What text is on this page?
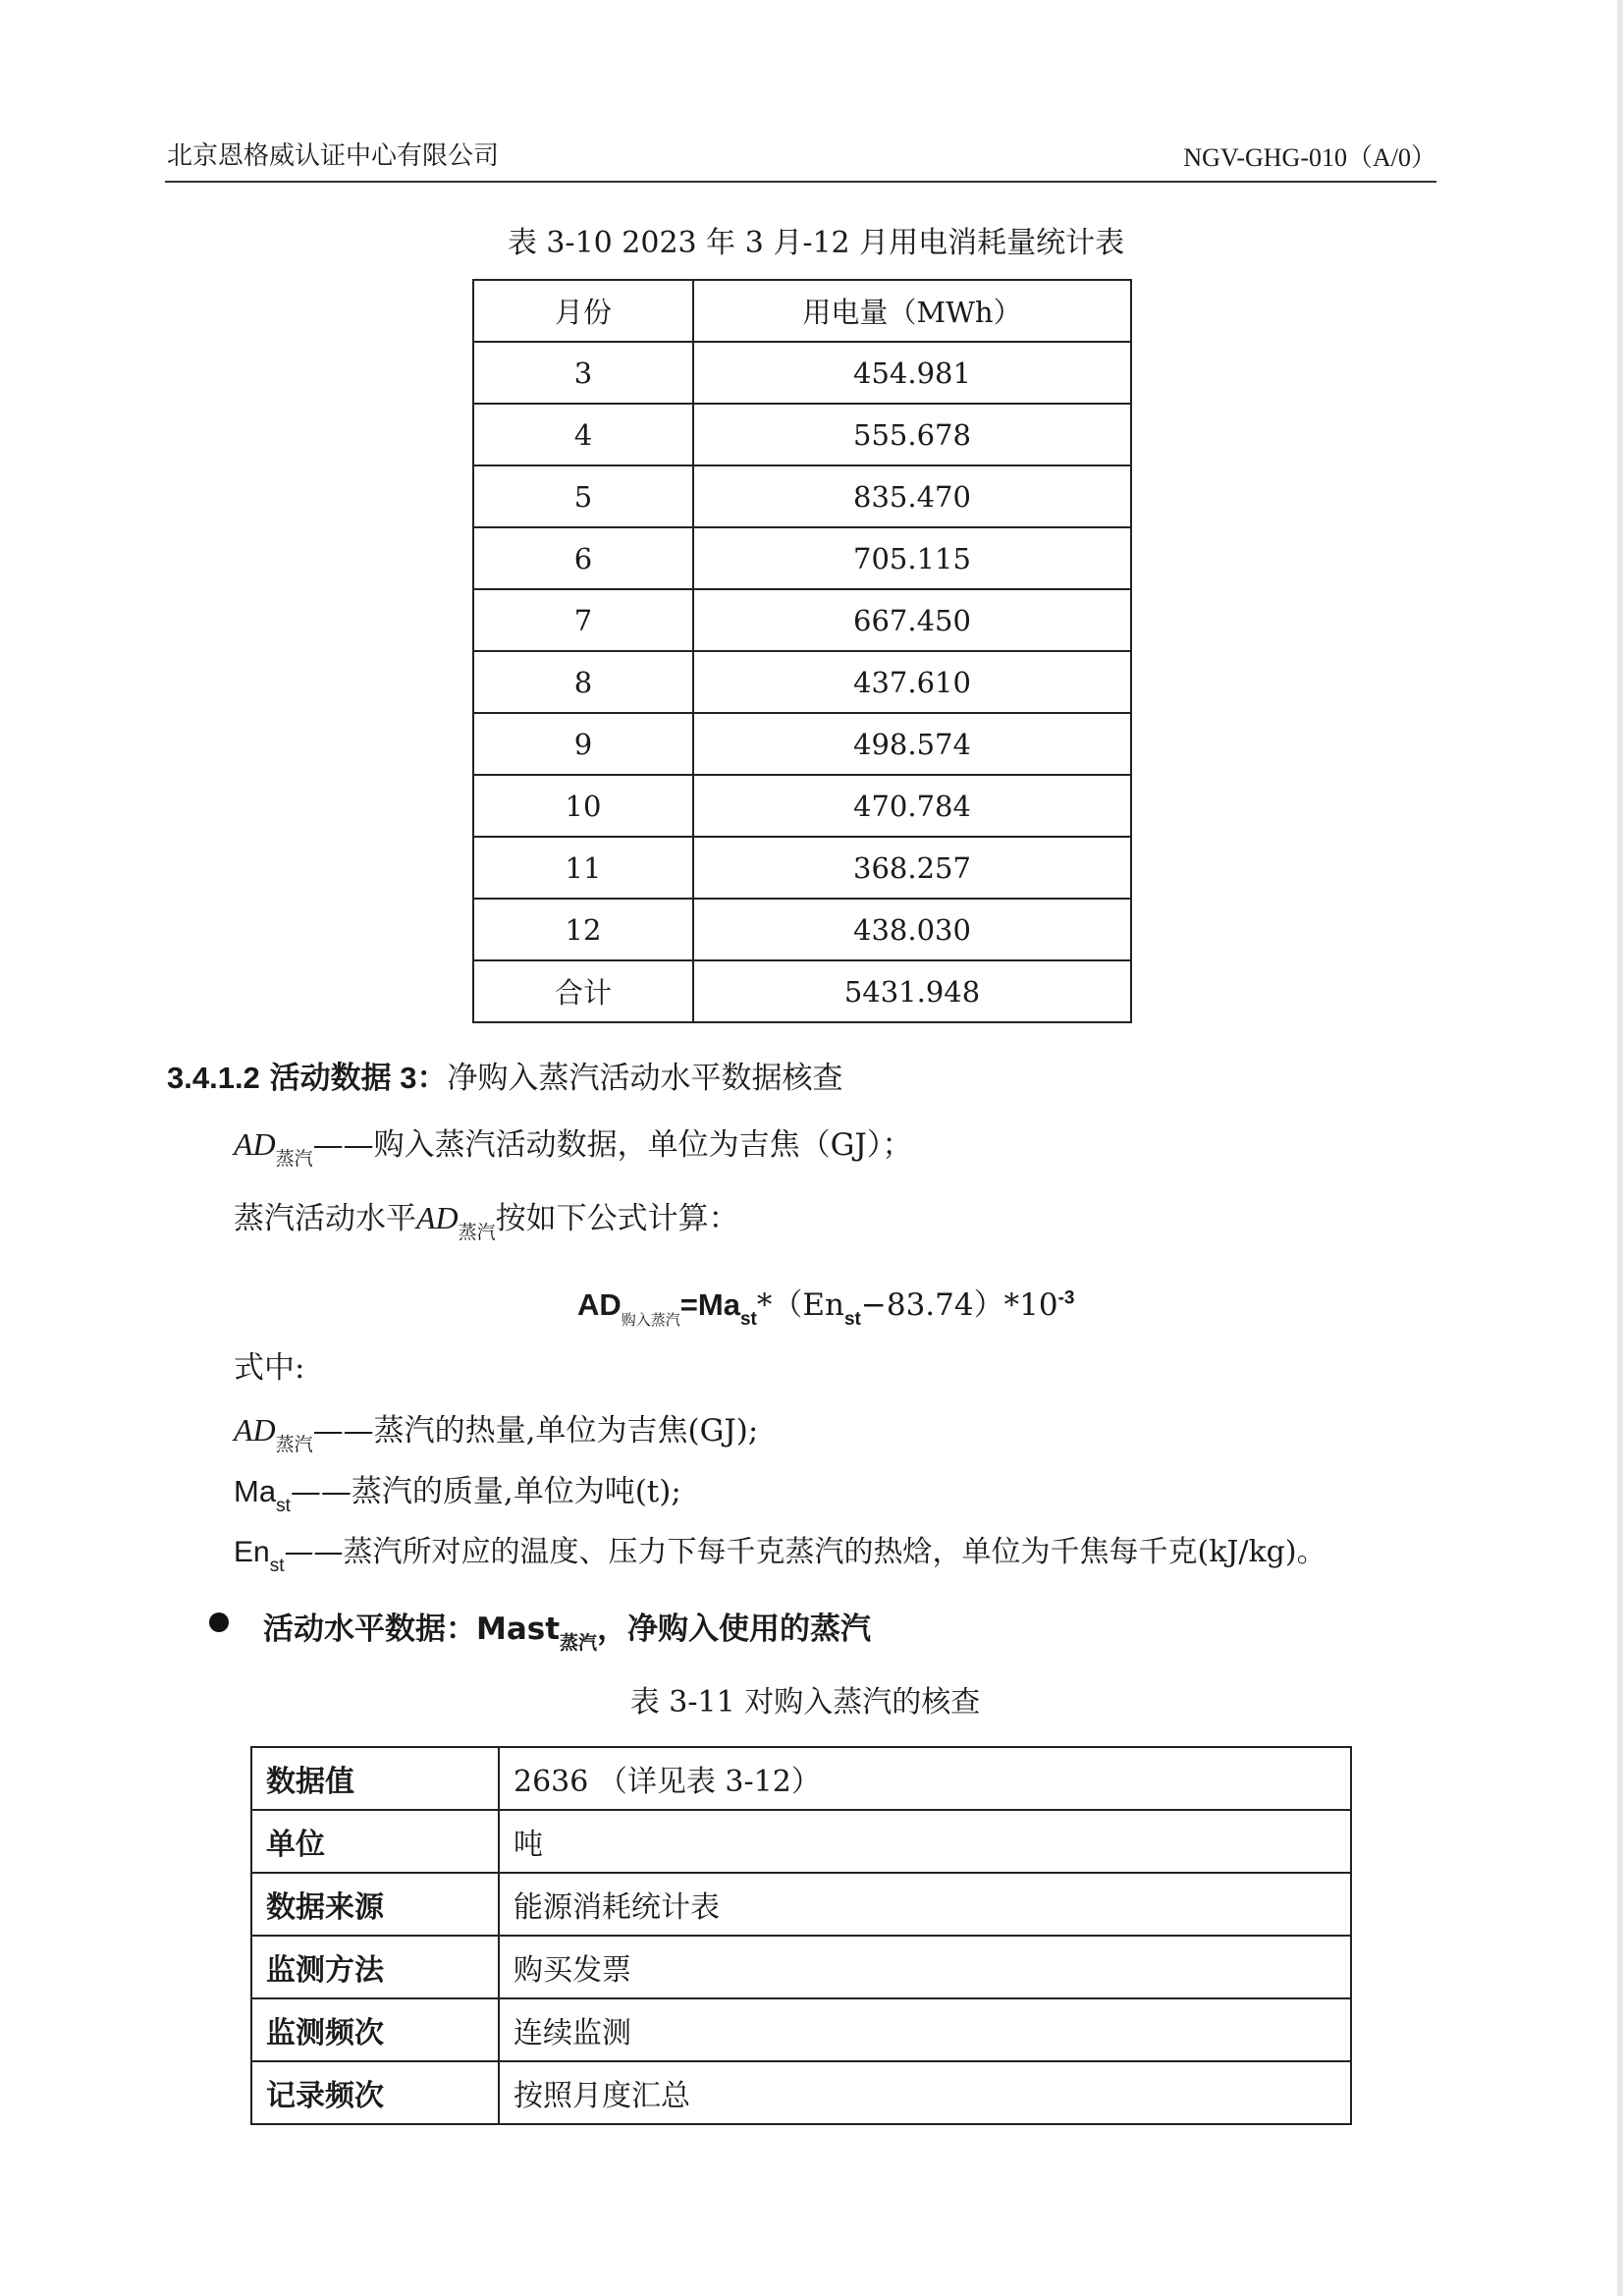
北京恩格威认证中心有限公司	NGV-GHG-010（A/0）
表 3-10 2023 年 3 月-12 月用电消耗量统计表
月份	用电量（MWh）
3	454.981
4	555.678
5	835.470
6	705.115
7	667.450
8	437.610
9	498.574
10	470.784
11	368.257
12	438.030
合计	5431.948
3.4.1.2 活动数据 3：净购入蒸汽活动水平数据核查
$AD_{蒸汽}——$购入蒸汽活动数据，单位为吉焦（GJ）；
蒸汽活动水平$AD_{蒸汽}$按如下公式计算：
$AD_{购入蒸汽}=Ma_{st}*(En_{st}-83.74)*10^{-3}$
式中:
$AD_{蒸汽}——$蒸汽的热量,单位为吉焦(GJ);
$Ma_{st}——$蒸汽的质量,单位为吨(t);
$En_{st}——$蒸汽所对应的温度、压力下每千克蒸汽的热焓，单位为千焦每千克(kJ/kg)。
活动水平数据：Mast$_{蒸汽}$，净购入使用的蒸汽
表 3-11 对购入蒸汽的核查
数据值	2636 （详见表 3-12）
单位	吨
数据来源	能源消耗统计表
监测方法	购买发票
监测频次	连续监测
记录频次	按照月度汇总
